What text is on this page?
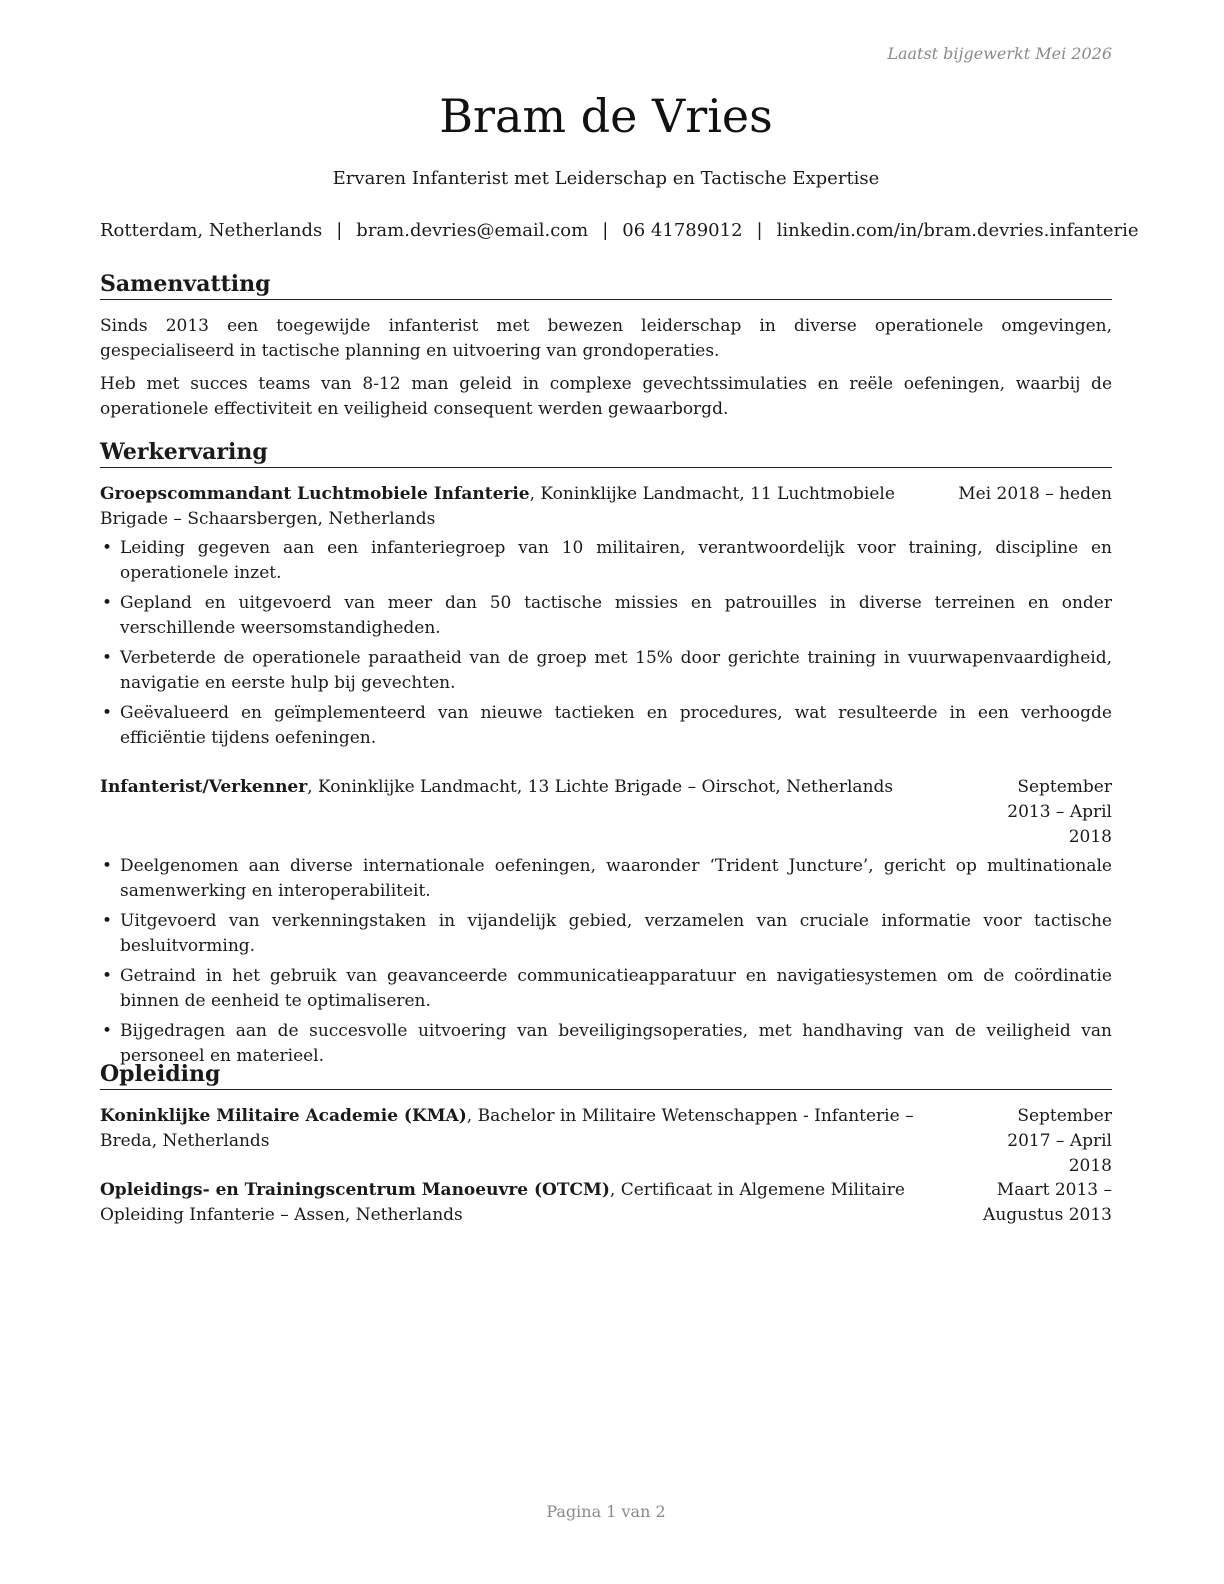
Laatst bijgewerkt Mei 2026
Bram de Vries
Ervaren Infanterist met Leiderschap en Tactische Expertise
Rotterdam, Netherlands | bram.devries@email.com | 06 41789012 | linkedin.com/in/bram.devries.infanterie
Samenvatting

Sinds 2013 een toegewijde infanterist met bewezen leiderschap in diverse operationele omgevingen, gespecialiseerd in tactische planning en uitvoering van grondoperaties.

Heb met succes teams van 8-12 man geleid in complexe gevechtssimulaties en reële oefeningen, waarbij de operationele effectiviteit en veiligheid consequent werden gewaarborgd.

Werkervaring
Groepscommandant Luchtmobiele Infanterie, Koninklijke Landmacht, 11 Luchtmobiele Brigade – Schaarsbergen, Netherlands
Mei 2018 – heden
• Leiding gegeven aan een infanteriegroep van 10 militairen, verantwoordelijk voor training, discipline en operationele inzet.
• Gepland en uitgevoerd van meer dan 50 tactische missies en patrouilles in diverse terreinen en onder verschillende weersomstandigheden.
• Verbeterde de operationele paraatheid van de groep met 15% door gerichte training in vuurwapenvaardigheid, navigatie en eerste hulp bij gevechten.
• Geëvalueerd en geïmplementeerd van nieuwe tactieken en procedures, wat resulteerde in een verhoogde efficiëntie tijdens oefeningen.
Infanterist/Verkenner, Koninklijke Landmacht, 13 Lichte Brigade – Oirschot, Netherlands	September 2013 – April 2018
• Deelgenomen aan diverse internationale oefeningen, waaronder ‘Trident Juncture’, gericht op multinationale samenwerking en interoperabiliteit.
• Uitgevoerd van verkenningstaken in vijandelijk gebied, verzamelen van cruciale informatie voor tactische besluitvorming.
• Getraind in het gebruik van geavanceerde communicatieapparatuur en navigatiesystemen om de coördinatie binnen de eenheid te optimaliseren.
• Bijgedragen aan de succesvolle uitvoering van beveiligingsoperaties, met handhaving van de veiligheid van personeel en materieel.
Opleiding
Koninklijke Militaire Academie (KMA), Bachelor in Militaire Wetenschappen - Infanterie – Breda, Netherlands
September 2017 – April 2018
Opleidings- en Trainingscentrum Manoeuvre (OTCM), Certificaat in Algemene Militaire Opleiding Infanterie – Assen, Netherlands
Maart 2013 – Augustus 2013
Pagina 1 van 2
